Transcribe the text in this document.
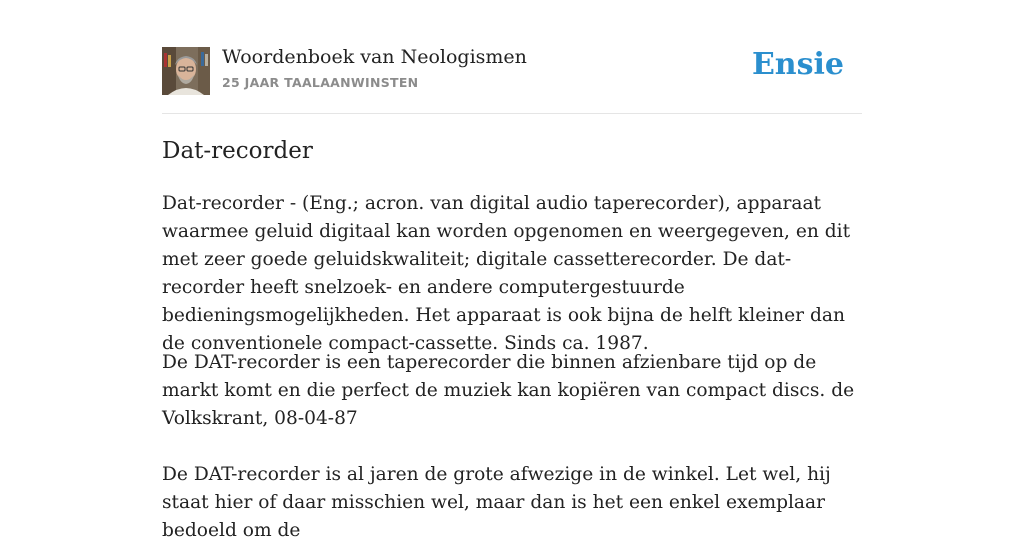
Woordenboek van Neologismen
25 JAAR TAALAANWINSTEN
Ensie
Dat-recorder

Dat-recorder - (Eng.; acron. van digital audio taperecorder), apparaat waarmee geluid digitaal kan worden opgenomen en weergegeven, en dit met zeer goede geluidskwaliteit; digitale cassetterecorder. De dat-recorder heeft snelzoek- en andere computergestuurde bedieningsmogelijkheden. Het apparaat is ook bijna de helft kleiner dan de conventionele compact-cassette. Sinds ca. 1987.

De DAT-recorder is een taperecorder die binnen afzienbare tijd op de markt komt en die perfect de muziek kan kopiëren van compact discs. de Volkskrant, 08-04-87

De DAT-recorder is al jaren de grote afwezige in de winkel. Let wel, hij staat hier of daar misschien wel, maar dan is het een enkel exemplaar bedoeld om de
